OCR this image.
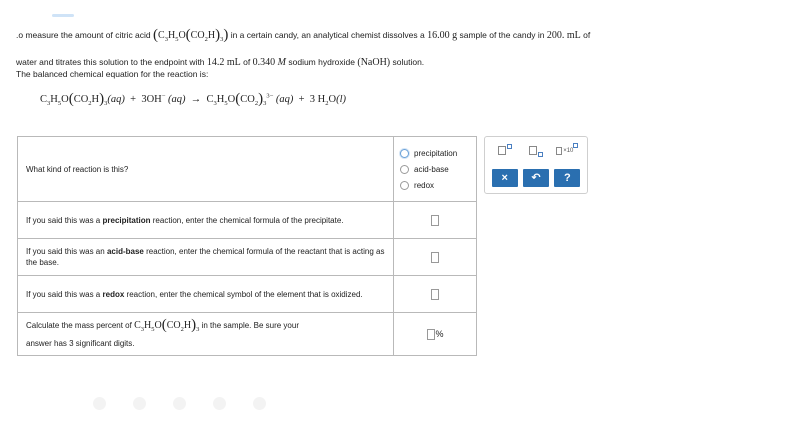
.o measure the amount of citric acid $(C_3H_5O(CO_2H)_3)$ in a certain candy, an analytical chemist dissolves a 16.00 g sample of the candy in 200. mL of
water and titrates this solution to the endpoint with 14.2 mL of 0.340 M sodium hydroxide (NaOH) solution.
The balanced chemical equation for the reaction is:
$C_3H_5O(CO_2H)_3(aq) + 3OH^-$ $(aq) \to C_3H_5O(CO_2)_3^{3-}$ (aq) + 3 $H_2O(l)$
What kind of reaction is this?	precipitation
acid-base
redox

If you said this was a precipitation reaction, enter the chemical formula of the precipitate.	
If you said this was an acid-base reaction, enter the chemical formula of the reactant that is acting as the base.	
If you said this was a redox reaction, enter the chemical symbol of the element that is oxidized.	
Calculate the mass percent of $C_3H_5O(CO_2H)_3$ in the sample. Be sure your
answer has 3 significant digits.	%
×10
×	↶	?
